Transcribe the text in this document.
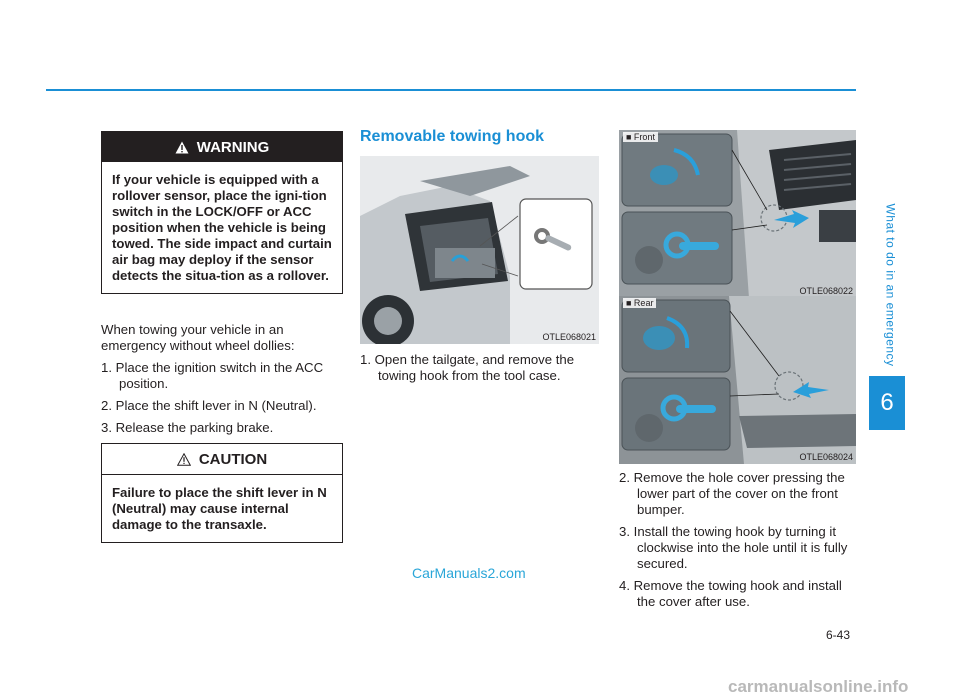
What to do in an emergency
6
WARNING
If your vehicle is equipped with a rollover sensor, place the igni-tion switch in the LOCK/OFF or ACC position when the vehicle is being towed. The side impact and curtain air bag may deploy if the sensor detects the situa-tion as a rollover.

When towing your vehicle in an emergency without wheel dollies:

1. Place the ignition switch in the ACC position.
2. Place the shift lever in N (Neutral).
3. Release the parking brake.
CAUTION
Failure to place the shift lever in N (Neutral) may cause internal damage to the transaxle.
Removable towing hook
OTLE068021
1. Open the tailgate, and remove the towing hook from the tool case.
■ Front
OTLE068022
■ Rear
OTLE068024
2. Remove the hole cover pressing the lower part of the cover on the front bumper.
3. Install the towing hook by turning it clockwise into the hole until it is fully secured.
4. Remove the towing hook and install the cover after use.
CarManuals2.com
6-43
carmanualsonline.info
